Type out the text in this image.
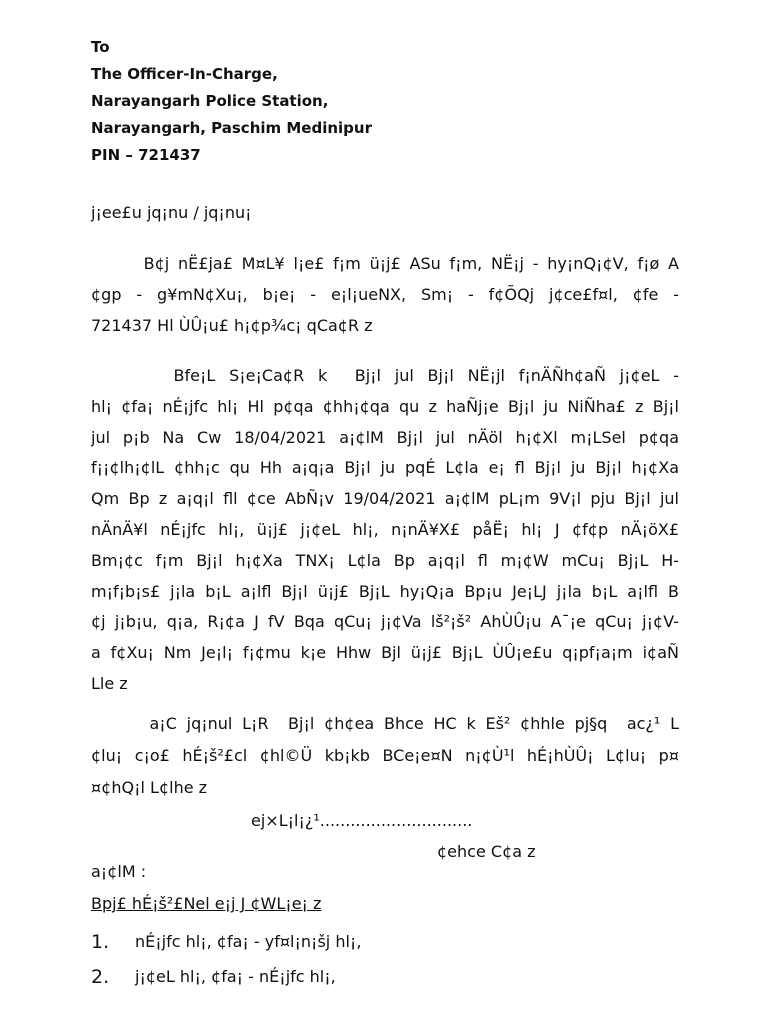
To
The Officer-In-Charge,
Narayangarh Police Station,
Narayangarh, Paschim Medinipur
PIN – 721437
j¡ee£u jq¡nu / jq¡nu¡
B¢j nË£ja£ M¤L¥ l¡e£ f¡m ü¡j£ ASu f¡m, NË¡j - hy¡nQ¡¢V, f¡ø A
¢gp - g¥mN¢Xu¡, b¡e¡ - e¡l¡ueNX, Sm¡ - f¢ÕQj j¢ce£f¤l, ¢fe -
721437 Hl ÙÛ¡u£ h¡¢p¾c¡ qCa¢R z
Bfe¡L S¡e¡Ca¢R k  Bj¡l jul Bj¡l NË¡jl f¡nÄÑh¢aÑ j¡¢eL -
hl¡ ¢fa¡ nÉ¡jfc hl¡ Hl p¢qa ¢hh¡¢qa qu z haÑj¡e Bj¡l ju NiÑha£ z Bj¡l
jul p¡b Na Cw 18/04/2021 a¡¢lM Bj¡l jul nÄöl h¡¢Xl m¡LSel p¢qa
f¡¡¢lh¡¢lL ¢hh¡c qu Hh a¡q¡a Bj¡l ju pqÉ L¢la e¡ fl Bj¡l ju Bj¡l h¡¢Xa
Qm Bp z a¡q¡l fll ¢ce AbÑ¡v 19/04/2021 a¡¢lM pL¡m 9V¡l pju Bj¡l jul
nÄnÄ¥l nÉ¡jfc hl¡, ü¡j£ j¡¢eL hl¡, n¡nÄ¥X£ påË¡ hl¡ J ¢f¢p nÄ¡öX£
Bm¡¢c f¡m Bj¡l h¡¢Xa TNX¡ L¢la Bp a¡q¡l fl m¡¢W mCu¡ Bj¡L H-
m¡f¡b¡s£ j¡la b¡L a¡lfl Bj¡l ü¡j£ Bj¡L hy¡Q¡a Bp¡u Je¡LJ j¡la b¡L a¡lfl B
¢j j¡b¡u, q¡a, R¡¢a J fV Bqa qCu¡ j¡¢Va lš²¡š² AhÙÛ¡u A¯¡e qCu¡ j¡¢V-
a f¢Xu¡ Nm Je¡l¡ f¡¢mu k¡e Hhw Bjl ü¡j£ Bj¡L ÙÛ¡e£u q¡pf¡a¡m i¢aÑ
Lle z
a¡C jq¡nul L¡R  Bj¡l ¢h¢ea Bhce HC k Eš² ¢hhle pj§q  ac¿¹ L
¢lu¡ c¡o£ hÉ¡š²£cl ¢hl©Ü kb¡kb BCe¡e¤N n¡¢Ù¹l hÉ¡hÙÛ¡ L¢lu¡ p¤
¤¢hQ¡l L¢lhe z
ej×L¡l¡¿¹..............................
¢ehce C¢a z
a¡¢lM :
Bpj£ hÉ¡š²£Nel e¡j J ¢WL¡e¡ z
1.	nÉ¡jfc hl¡, ¢fa¡ - yf¤l¡n¡šj hl¡,
2.	j¡¢eL hl¡, ¢fa¡ - nÉ¡jfc hl¡,
